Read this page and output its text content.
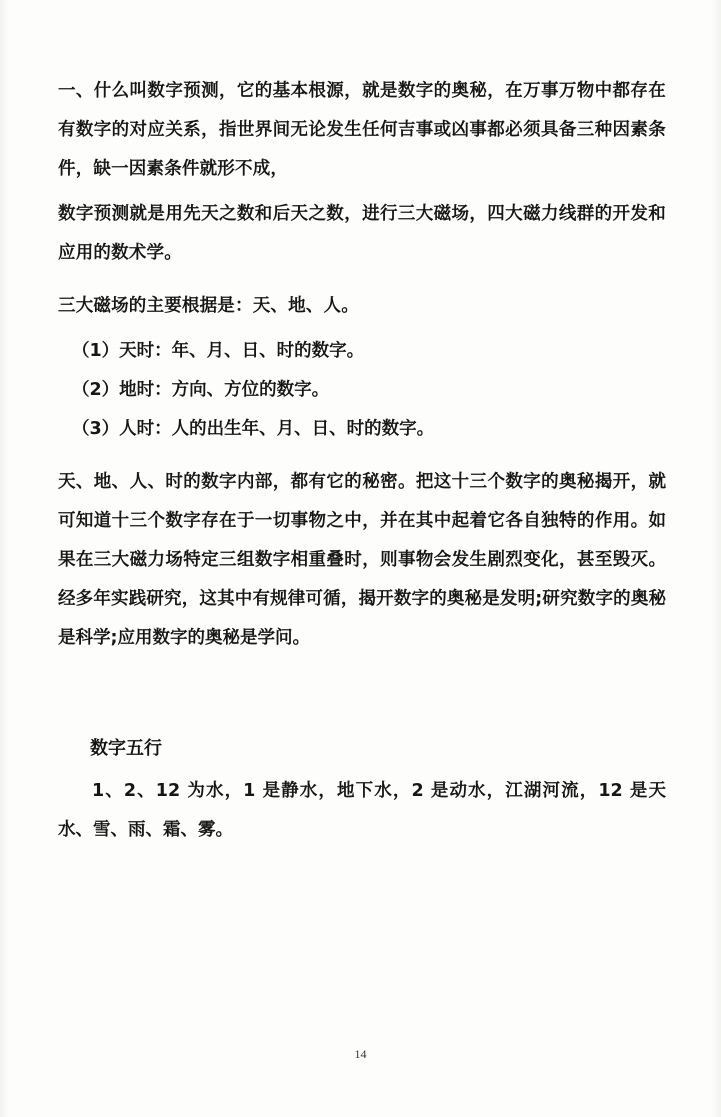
一、什么叫数字预测，它的基本根源，就是数字的奥秘，在万事万物中都存在有数字的对应关系，指世界间无论发生任何吉事或凶事都必须具备三种因素条件，缺一因素条件就形不成，

数字预测就是用先天之数和后天之数，进行三大磁场，四大磁力线群的开发和应用的数术学。

三大磁场的主要根据是：天、地、人。

（1）天时：年、月、日、时的数字。

（2）地时：方向、方位的数字。

（3）人时：人的出生年、月、日、时的数字。

天、地、人、时的数字内部，都有它的秘密。把这十三个数字的奥秘揭开，就可知道十三个数字存在于一切事物之中，并在其中起着它各自独特的作用。如果在三大磁力场特定三组数字相重叠时，则事物会发生剧烈变化，甚至毁灭。经多年实践研究，这其中有规律可循，揭开数字的奥秘是发明;研究数字的奥秘是科学;应用数字的奥秘是学问。

数字五行

1、2、12 为水，1 是静水，地下水，2 是动水，江湖河流，12 是天水、雪、雨、霜、雾。

14
